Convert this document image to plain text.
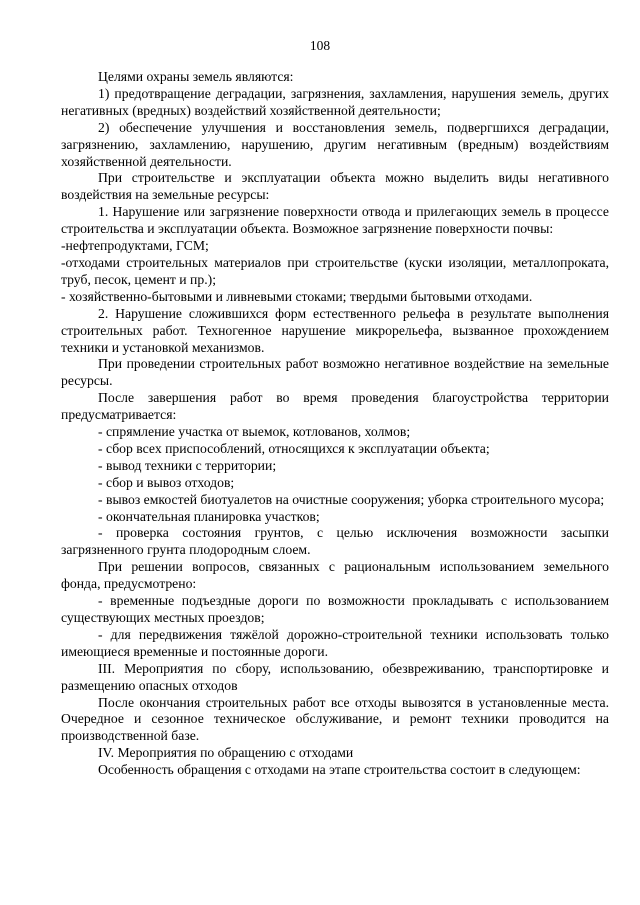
108

Целями охраны земель являются:

1) предотвращение деградации, загрязнения, захламления, нарушения земель, других негативных (вредных) воздействий хозяйственной деятельности;

2) обеспечение улучшения и восстановления земель, подвергшихся деградации, загрязнению, захламлению, нарушению, другим негативным (вредным) воздействиям хозяйственной деятельности.

При строительстве и эксплуатации объекта можно выделить виды негативного воздействия на земельные ресурсы:

1. Нарушение или загрязнение поверхности отвода и прилегающих земель в процессе строительства и эксплуатации объекта. Возможное загрязнение поверхности почвы:

-нефтепродуктами, ГСМ;

-отходами строительных материалов при строительстве (куски изоляции, металлопроката, труб, песок, цемент и пр.);

- хозяйственно-бытовыми и ливневыми стоками; твердыми бытовыми отходами.

2. Нарушение сложившихся форм естественного рельефа в результате выполнения строительных работ. Техногенное нарушение микрорельефа, вызванное прохождением техники и установкой механизмов.

При проведении строительных работ возможно негативное воздействие на земельные ресурсы.

После завершения работ во время проведения благоустройства территории предусматривается:

- спрямление участка от выемок, котлованов, холмов;

- сбор всех приспособлений, относящихся к эксплуатации объекта;

- вывод техники с территории;

- сбор и вывоз отходов;

- вывоз емкостей биотуалетов на очистные сооружения; уборка строительного мусора;

- окончательная планировка участков;

- проверка состояния грунтов, с целью исключения возможности засыпки загрязненного грунта плодородным слоем.

При решении вопросов, связанных с рациональным использованием земельного фонда, предусмотрено:

- временные подъездные дороги по возможности прокладывать с использованием существующих местных проездов;

- для передвижения тяжёлой дорожно-строительной техники использовать только имеющиеся временные и постоянные дороги.

III. Мероприятия по сбору, использованию, обезвреживанию, транспортировке и размещению опасных отходов

После окончания строительных работ все отходы вывозятся в установленные места. Очередное и сезонное техническое обслуживание, и ремонт техники проводится на производственной базе.

IV. Мероприятия по обращению с отходами

Особенность обращения с отходами на этапе строительства состоит в следующем:
